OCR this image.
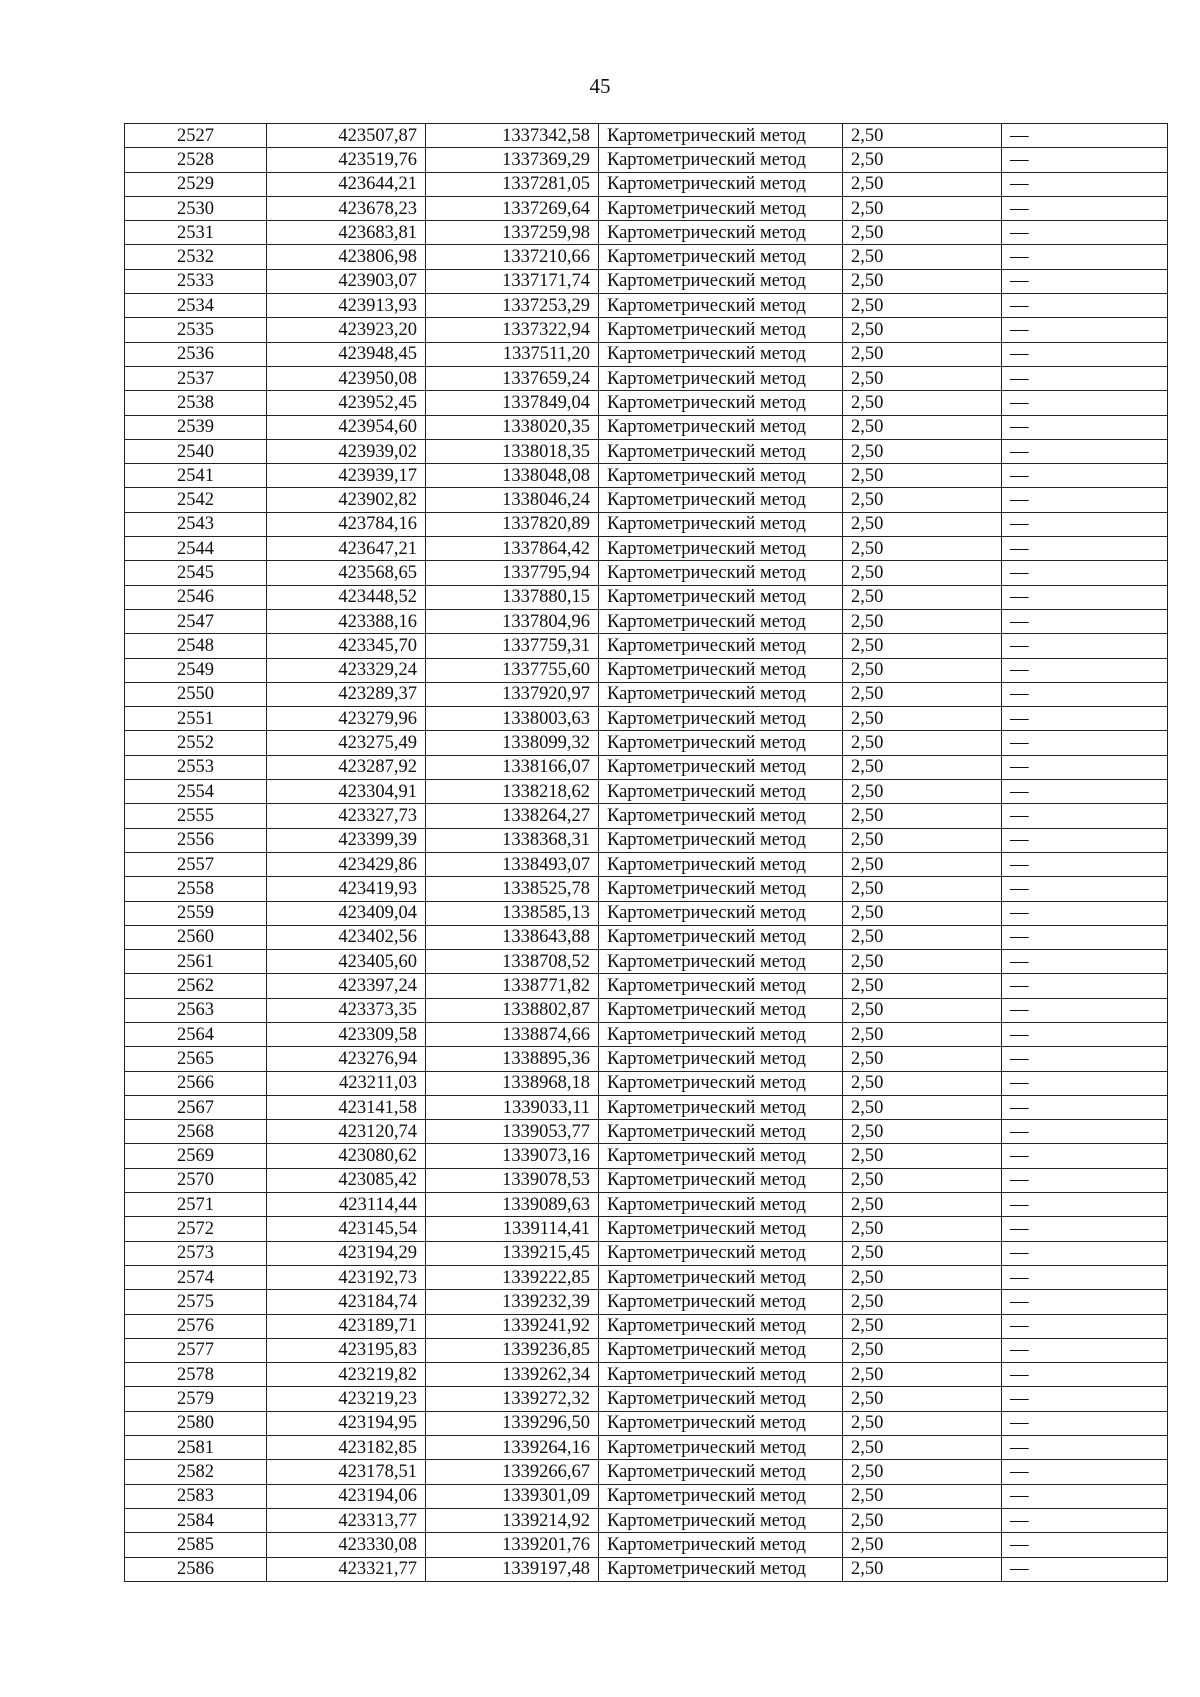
45
2527	423507,87	1337342,58	Картометрический метод	2,50	—
2528	423519,76	1337369,29	Картометрический метод	2,50	—
2529	423644,21	1337281,05	Картометрический метод	2,50	—
2530	423678,23	1337269,64	Картометрический метод	2,50	—
2531	423683,81	1337259,98	Картометрический метод	2,50	—
2532	423806,98	1337210,66	Картометрический метод	2,50	—
2533	423903,07	1337171,74	Картометрический метод	2,50	—
2534	423913,93	1337253,29	Картометрический метод	2,50	—
2535	423923,20	1337322,94	Картометрический метод	2,50	—
2536	423948,45	1337511,20	Картометрический метод	2,50	—
2537	423950,08	1337659,24	Картометрический метод	2,50	—
2538	423952,45	1337849,04	Картометрический метод	2,50	—
2539	423954,60	1338020,35	Картометрический метод	2,50	—
2540	423939,02	1338018,35	Картометрический метод	2,50	—
2541	423939,17	1338048,08	Картометрический метод	2,50	—
2542	423902,82	1338046,24	Картометрический метод	2,50	—
2543	423784,16	1337820,89	Картометрический метод	2,50	—
2544	423647,21	1337864,42	Картометрический метод	2,50	—
2545	423568,65	1337795,94	Картометрический метод	2,50	—
2546	423448,52	1337880,15	Картометрический метод	2,50	—
2547	423388,16	1337804,96	Картометрический метод	2,50	—
2548	423345,70	1337759,31	Картометрический метод	2,50	—
2549	423329,24	1337755,60	Картометрический метод	2,50	—
2550	423289,37	1337920,97	Картометрический метод	2,50	—
2551	423279,96	1338003,63	Картометрический метод	2,50	—
2552	423275,49	1338099,32	Картометрический метод	2,50	—
2553	423287,92	1338166,07	Картометрический метод	2,50	—
2554	423304,91	1338218,62	Картометрический метод	2,50	—
2555	423327,73	1338264,27	Картометрический метод	2,50	—
2556	423399,39	1338368,31	Картометрический метод	2,50	—
2557	423429,86	1338493,07	Картометрический метод	2,50	—
2558	423419,93	1338525,78	Картометрический метод	2,50	—
2559	423409,04	1338585,13	Картометрический метод	2,50	—
2560	423402,56	1338643,88	Картометрический метод	2,50	—
2561	423405,60	1338708,52	Картометрический метод	2,50	—
2562	423397,24	1338771,82	Картометрический метод	2,50	—
2563	423373,35	1338802,87	Картометрический метод	2,50	—
2564	423309,58	1338874,66	Картометрический метод	2,50	—
2565	423276,94	1338895,36	Картометрический метод	2,50	—
2566	423211,03	1338968,18	Картометрический метод	2,50	—
2567	423141,58	1339033,11	Картометрический метод	2,50	—
2568	423120,74	1339053,77	Картометрический метод	2,50	—
2569	423080,62	1339073,16	Картометрический метод	2,50	—
2570	423085,42	1339078,53	Картометрический метод	2,50	—
2571	423114,44	1339089,63	Картометрический метод	2,50	—
2572	423145,54	1339114,41	Картометрический метод	2,50	—
2573	423194,29	1339215,45	Картометрический метод	2,50	—
2574	423192,73	1339222,85	Картометрический метод	2,50	—
2575	423184,74	1339232,39	Картометрический метод	2,50	—
2576	423189,71	1339241,92	Картометрический метод	2,50	—
2577	423195,83	1339236,85	Картометрический метод	2,50	—
2578	423219,82	1339262,34	Картометрический метод	2,50	—
2579	423219,23	1339272,32	Картометрический метод	2,50	—
2580	423194,95	1339296,50	Картометрический метод	2,50	—
2581	423182,85	1339264,16	Картометрический метод	2,50	—
2582	423178,51	1339266,67	Картометрический метод	2,50	—
2583	423194,06	1339301,09	Картометрический метод	2,50	—
2584	423313,77	1339214,92	Картометрический метод	2,50	—
2585	423330,08	1339201,76	Картометрический метод	2,50	—
2586	423321,77	1339197,48	Картометрический метод	2,50	—
